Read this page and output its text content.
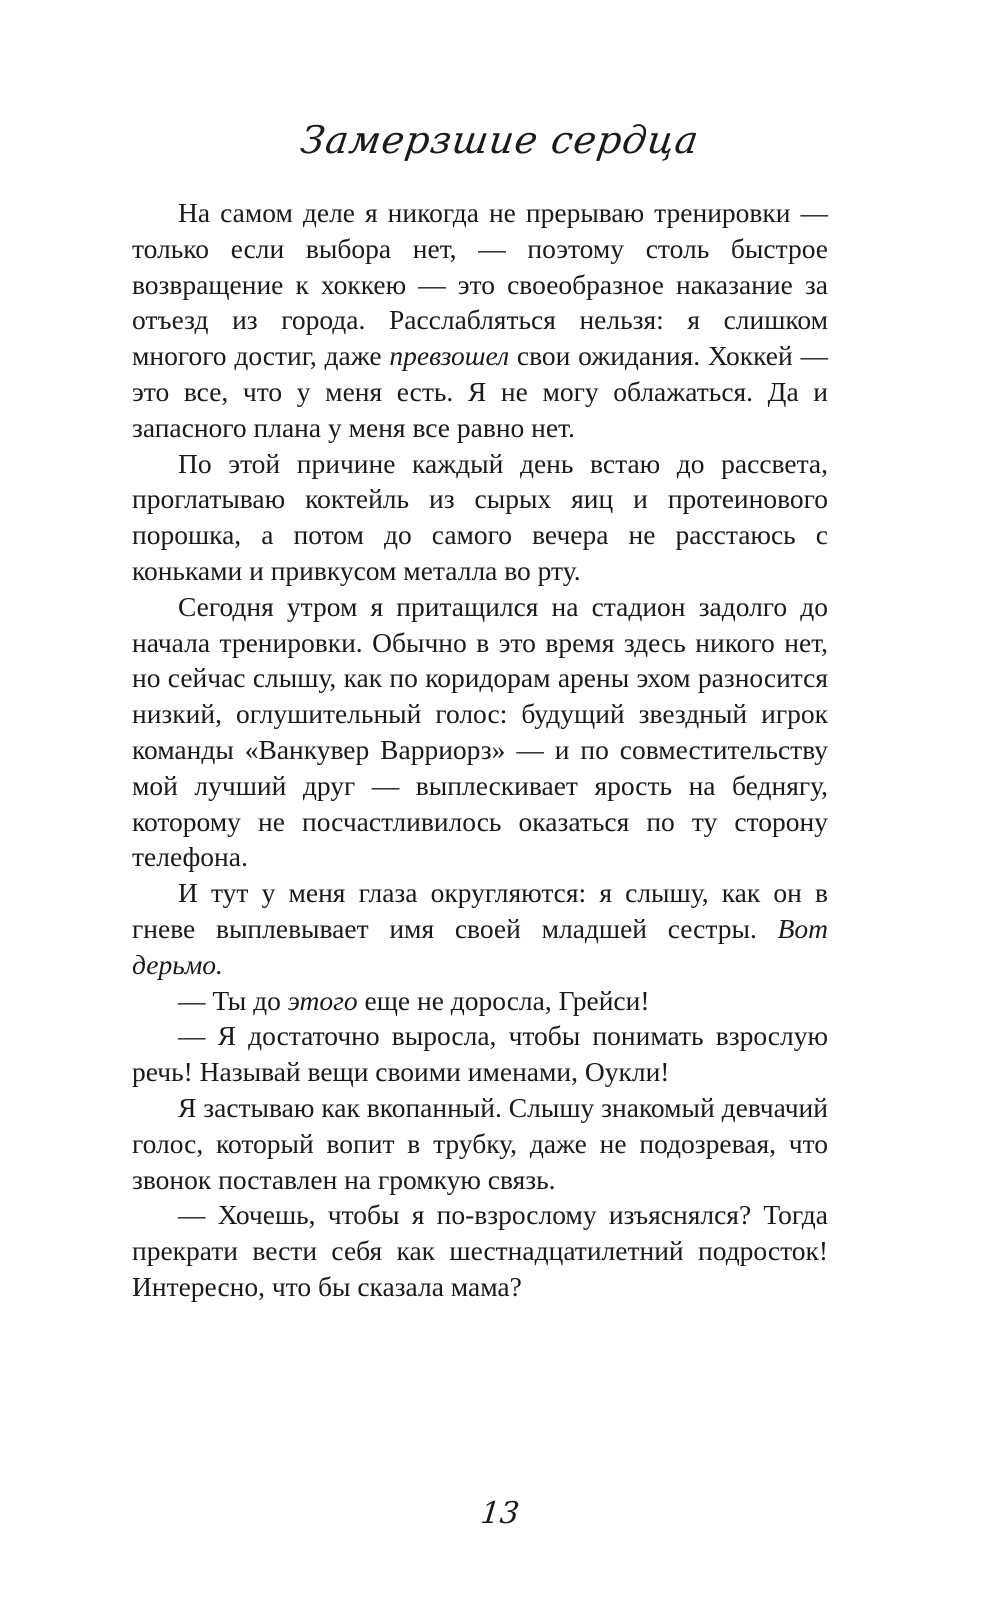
Замерзшие сердца

На самом деле я никогда не прерываю тренировки — только если выбора нет, — поэтому столь быстрое возвращение к хоккею — это своеобразное наказание за отъезд из города. Расслабляться нельзя: я слишком многого достиг, даже превзошел свои ожидания. Хоккей — это все, что у меня есть. Я не могу облажаться. Да и запасного плана у меня все равно нет.

По этой причине каждый день встаю до рассвета, проглатываю коктейль из сырых яиц и протеинового порошка, а потом до самого вечера не расстаюсь с коньками и привкусом металла во рту.

Сегодня утром я притащился на стадион задолго до начала тренировки. Обычно в это время здесь никого нет, но сейчас слышу, как по коридорам арены эхом разносится низкий, оглушительный голос: будущий звездный игрок команды «Ванкувер Варриорз» — и по совместительству мой лучший друг — выплескивает ярость на беднягу, которому не посчастливилось оказаться по ту сторону телефона.

И тут у меня глаза округляются: я слышу, как он в гневе выплевывает имя своей младшей сестры. Вот дерьмо.

— Ты до этого еще не доросла, Грейси!

— Я достаточно выросла, чтобы понимать взрослую речь! Называй вещи своими именами, Оукли!

Я застываю как вкопанный. Слышу знакомый девчачий голос, который вопит в трубку, даже не подозревая, что звонок поставлен на громкую связь.

— Хочешь, чтобы я по-взрослому изъяснялся? Тогда прекрати вести себя как шестнадцатилетний подросток! Интересно, что бы сказала мама?

13
